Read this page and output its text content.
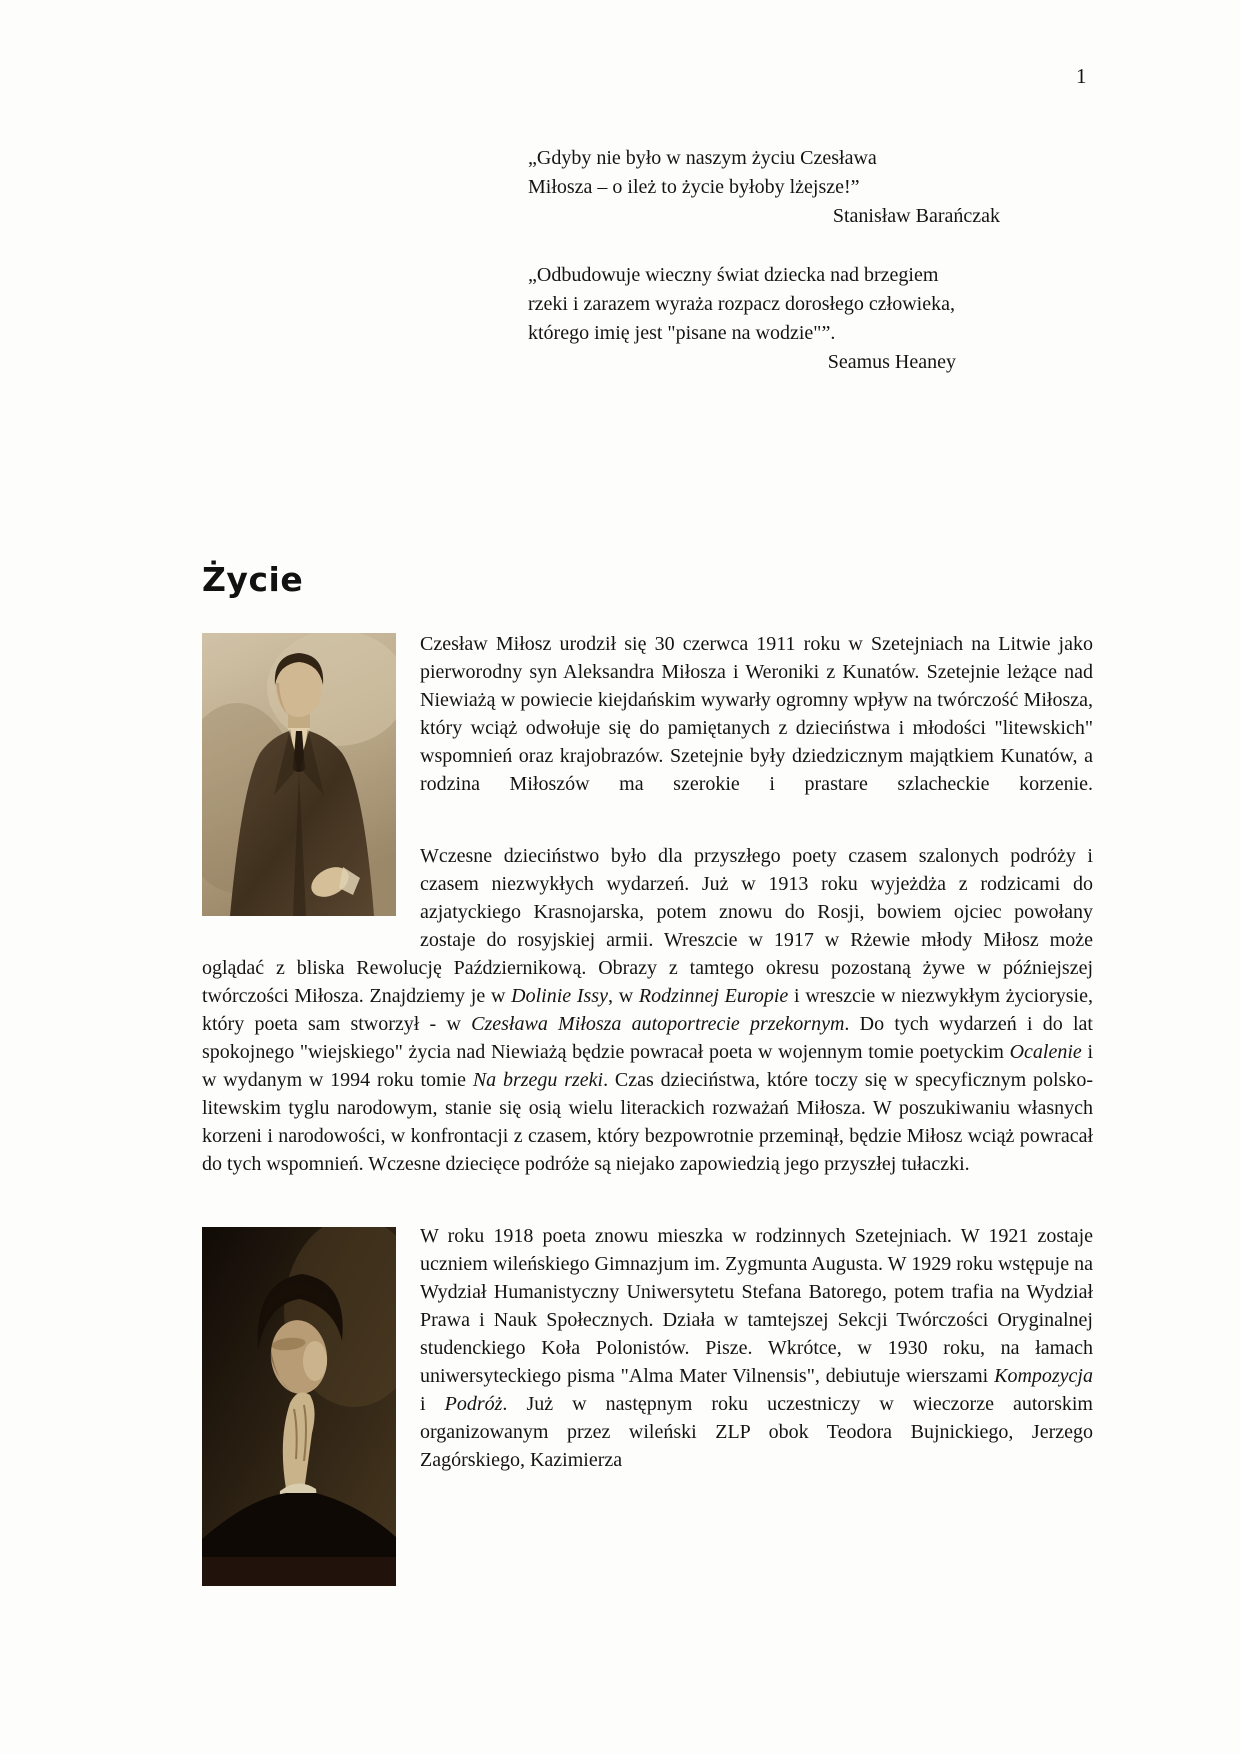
1
„Gdyby nie było w naszym życiu Czesława
Miłosza – o ileż to życie byłoby lżejsze!”
Stanisław Barańczak
„Odbudowuje wieczny świat dziecka nad brzegiem
rzeki i zarazem wyraża rozpacz dorosłego człowieka,
którego imię jest "pisane na wodzie"”.
Seamus Heaney
Życie

Czesław Miłosz urodził się 30 czerwca 1911 roku w Szetejniach na Litwie jako pierworodny syn Aleksandra Miłosza i Weroniki z Kunatów. Szetejnie leżące nad Niewiażą w powiecie kiejdańskim wywarły ogromny wpływ na twórczość Miłosza, który wciąż odwołuje się do pamiętanych z dzieciństwa i młodości "litewskich" wspomnień oraz krajobrazów. Szetejnie były dziedzicznym majątkiem Kunatów, a rodzina Miłoszów ma szerokie i prastare szlacheckie korzenie.

Wczesne dzieciństwo było dla przyszłego poety czasem szalonych podróży i czasem niezwykłych wydarzeń. Już w 1913 roku wyjeżdża z rodzicami do azjatyckiego Krasnojarska, potem znowu do Rosji, bowiem ojciec powołany zostaje do rosyjskiej armii. Wreszcie w 1917 w Rżewie młody Miłosz może oglądać z bliska Rewolucję Październikową. Obrazy z tamtego okresu pozostaną żywe w późniejszej twórczości Miłosza. Znajdziemy je w Dolinie Issy, w Rodzinnej Europie i wreszcie w niezwykłym życiorysie, który poeta sam stworzył - w Czesława Miłosza autoportrecie przekornym. Do tych wydarzeń i do lat spokojnego "wiejskiego" życia nad Niewiażą będzie powracał poeta w wojennym tomie poetyckim Ocalenie i w wydanym w 1994 roku tomie Na brzegu rzeki. Czas dzieciństwa, które toczy się w specyficznym polsko-litewskim tyglu narodowym, stanie się osią wielu literackich rozważań Miłosza. W poszukiwaniu własnych korzeni i narodowości, w konfrontacji z czasem, który bezpowrotnie przeminął, będzie Miłosz wciąż powracał do tych wspomnień. Wczesne dziecięce podróże są niejako zapowiedzią jego przyszłej tułaczki.

W roku 1918 poeta znowu mieszka w rodzinnych Szetejniach. W 1921 zostaje uczniem wileńskiego Gimnazjum im. Zygmunta Augusta. W 1929 roku wstępuje na Wydział Humanistyczny Uniwersytetu Stefana Batorego, potem trafia na Wydział Prawa i Nauk Społecznych. Działa w tamtejszej Sekcji Twórczości Oryginalnej studenckiego Koła Polonistów. Pisze. Wkrótce, w 1930 roku, na łamach uniwersyteckiego pisma "Alma Mater Vilnensis", debiutuje wierszami Kompozycja i Podróż. Już w następnym roku uczestniczy w wieczorze autorskim organizowanym przez wileński ZLP obok Teodora Bujnickiego, Jerzego Zagórskiego, Kazimierza
